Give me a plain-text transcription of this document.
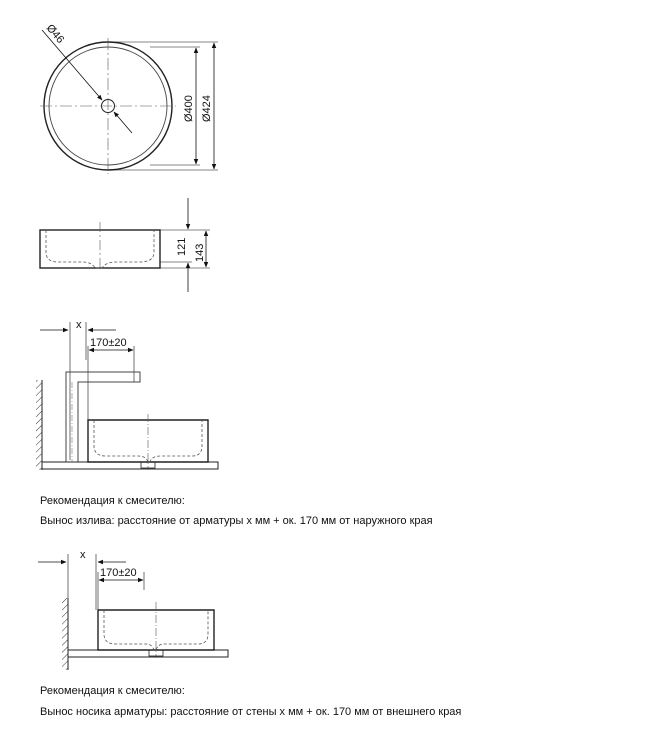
Ø46
Ø400 Ø424
121 143
x
170±20
x
170±20
Рекомендация к смесителю:
Вынос излива: расстояние от арматуры x мм + ок. 170 мм от наружного края
Рекомендация к смесителю:
Вынос носика арматуры: расстояние от стены x мм + ок. 170 мм от внешнего края
